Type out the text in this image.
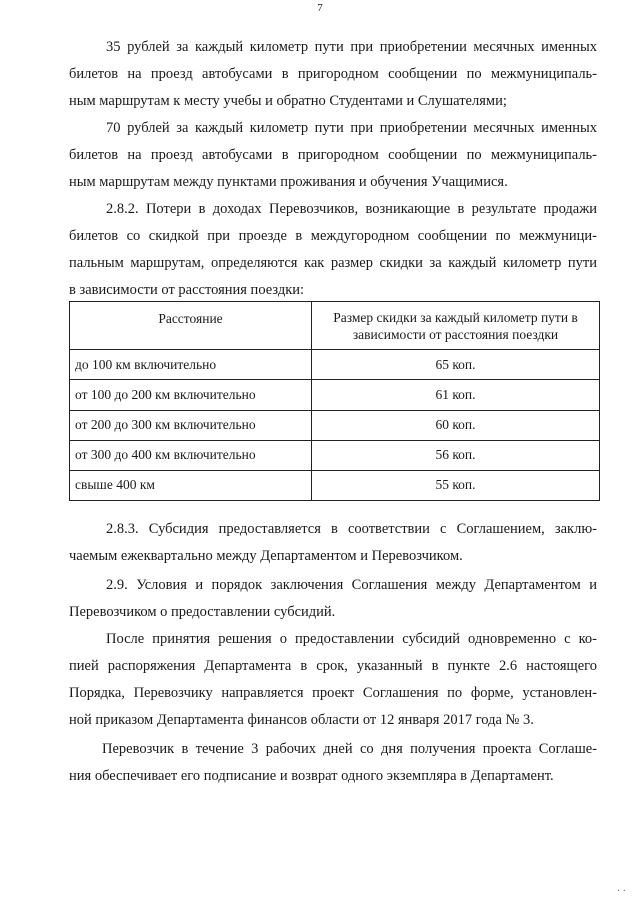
7
35 рублей за каждый километр пути при приобретении месячных именных
билетов на проезд автобусами в пригородном сообщении по межмуниципаль-
ным маршрутам к месту учебы и обратно Студентами и Слушателями;
70 рублей за каждый километр пути при приобретении месячных именных
билетов на проезд автобусами в пригородном сообщении по межмуниципаль-
ным маршрутам между пунктами проживания и обучения Учащимися.
2.8.2. Потери в доходах Перевозчиков, возникающие в результате продажи
билетов со скидкой при проезде в междугородном сообщении по межмуници-
пальным маршрутам, определяются как размер скидки за каждый километр пути
в зависимости от расстояния поездки:
Расстояние	Размер скидки за каждый километр пути в зависимости от расстояния поездки
до 100 км включительно	65 коп.
от 100 до 200 км включительно	61 коп.
от 200 до 300 км включительно	60 коп.
от 300 до 400 км включительно	56 коп.
свыше 400 км	55 коп.
2.8.3. Субсидия предоставляется в соответствии с Соглашением, заклю-
чаемым ежеквартально между Департаментом и Перевозчиком.
2.9. Условия и порядок заключения Соглашения между Департаментом и
Перевозчиком о предоставлении субсидий.
После принятия решения о предоставлении субсидий одновременно с ко-
пией распоряжения Департамента в срок, указанный в пункте 2.6 настоящего
Порядка, Перевозчику направляется проект Соглашения по форме, установлен-
ной приказом Департамента финансов области от 12 января 2017 года № 3.
Перевозчик в течение 3 рабочих дней со дня получения проекта Соглаше-
ния обеспечивает его подписание и возврат одного экземпляра в Департамент.
· ·
